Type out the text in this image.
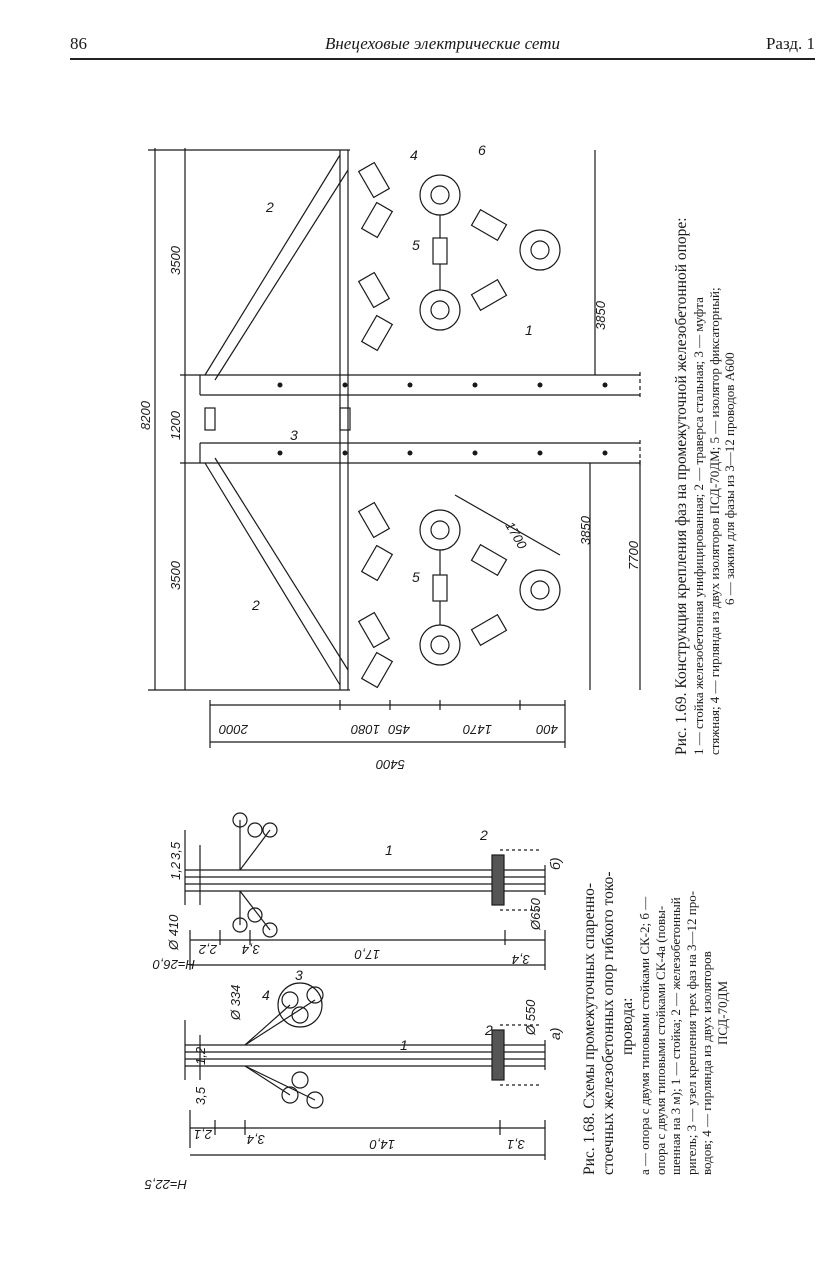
86	Внецеховые электрические сети	Разд. 1
H=22,5
2,1	3,4	14,0	3,1
1,2
3,5
Ø 334	Ø 550
4
3
1
2	а)
H=26,0
2,2 3,4	17,0	3,4
1,2
3,5
Ø 410
Ø650
1
2
б)
8200
3500
1200
3500
3850
3850
7700
1700
2000	1080 450	1470	400
5400
4	6
2
5
3
1
5
2
Рис. 1.68. Схемы промежуточных спаренно- стоечных железобетонных опор гибкого токо- провода: а — опора с двумя типовыми стойками СК-2; б — опора с двумя типовыми стойками СК-4а (повы- шенная на 3 м); 1 — стойка; 2 — железобетонный ригель; 3 — узел крепления трех фаз на 3—12 про- водов; 4 — гирлянда из двух изоляторов ПСД-70ДМ
Рис. 1.69. Конструкция крепления фаз на промежуточной железобетонной опоре: 1 — стойка железобетонная унифицированная; 2 — траверса стальная; 3 — муфта стяжная; 4 — гирлянда из двух изоляторов ПСД-70ДМ; 5 — изолятор фиксаторный; 6 — зажим для фазы из 3—12 проводов А600
